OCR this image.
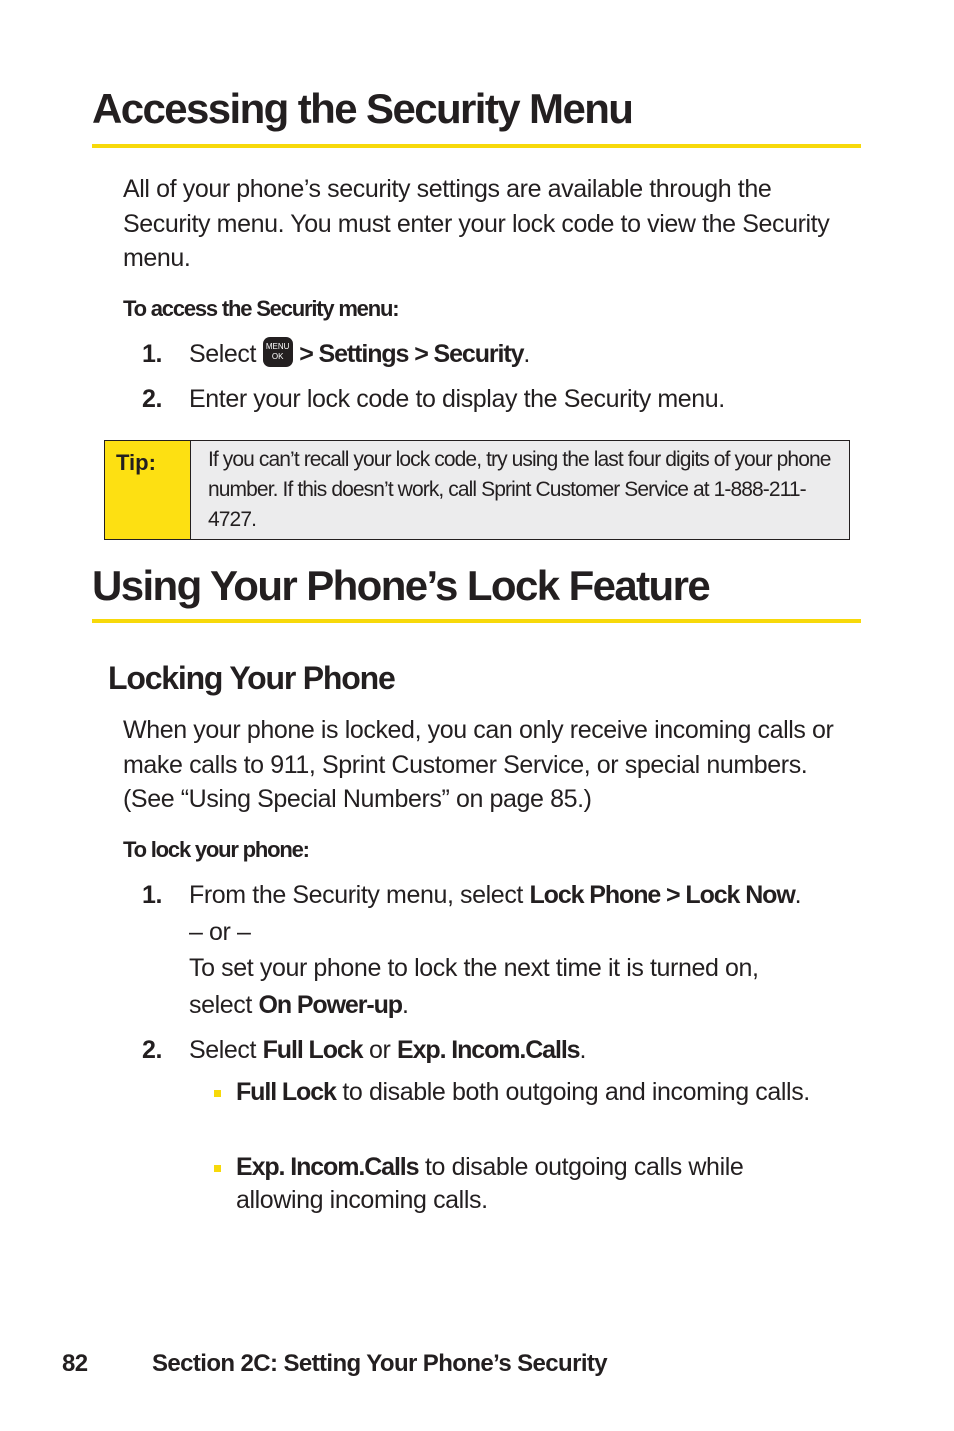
Accessing the Security Menu

All of your phone’s security settings are available through the Security menu. You must enter your lock code to view the Security menu.

To access the Security menu:

1. Select MENU
OK > Settings > Security.
2. Enter your lock code to display the Security menu.
Tip: If you can’t recall your lock code, try using the last four digits of your phone number. If this doesn’t work, call Sprint Customer Service at 1-888-211-4727.

Using Your Phone’s Lock Feature
Locking Your Phone

When your phone is locked, you can only receive incoming calls or make calls to 911, Sprint Customer Service, or special numbers. (See “Using Special Numbers” on page 85.)

To lock your phone:

1. From the Security menu, select Lock Phone > Lock Now.
– or –
To set your phone to lock the next time it is turned on,
select On Power-up.
2. Select Full Lock or Exp. Incom.Calls.
Full Lock to disable both outgoing and incoming calls.
Exp. Incom.Calls to disable outgoing calls while allowing incoming calls.
82	Section 2C: Setting Your Phone’s Security
